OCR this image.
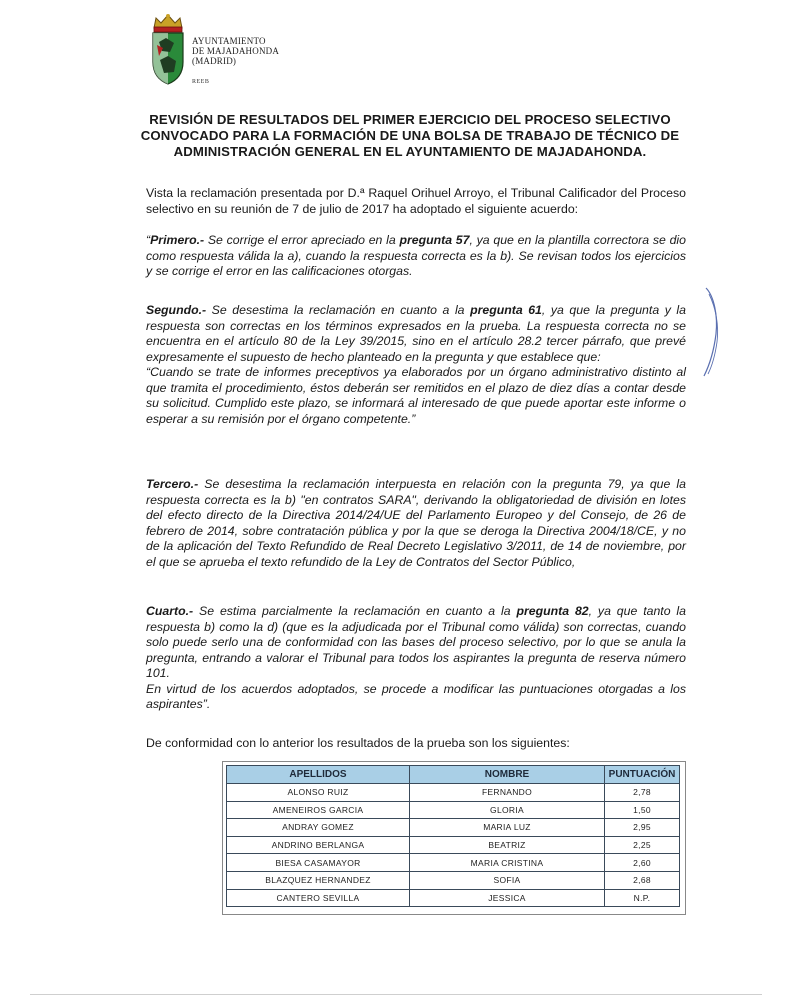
AYUNTAMIENTO
DE MAJADAHONDA
(MADRID)
REEB
REVISIÓN DE RESULTADOS DEL PRIMER EJERCICIO DEL PROCESO SELECTIVO
CONVOCADO PARA LA FORMACIÓN DE UNA BOLSA DE TRABAJO DE TÉCNICO DE
ADMINISTRACIÓN GENERAL EN EL AYUNTAMIENTO DE MAJADAHONDA.
Vista la reclamación presentada por D.ª Raquel Orihuel Arroyo, el Tribunal Calificador del Proceso selectivo en su reunión de 7 de julio de 2017 ha adoptado el siguiente acuerdo:
“Primero.- Se corrige el error apreciado en la pregunta 57, ya que en la plantilla correctora se dio como respuesta válida la a), cuando la respuesta correcta es la b). Se revisan todos los ejercicios y se corrige el error en las calificaciones otorgas.
Segundo.- Se desestima la reclamación en cuanto a la pregunta 61, ya que la pregunta y la respuesta son correctas en los términos expresados en la prueba. La respuesta correcta no se encuentra en el artículo 80 de la Ley 39/2015, sino en el artículo 28.2 tercer párrafo, que prevé expresamente el supuesto de hecho planteado en la pregunta y que establece que:
“Cuando se trate de informes preceptivos ya elaborados por un órgano administrativo distinto al que tramita el procedimiento, éstos deberán ser remitidos en el plazo de diez días a contar desde su solicitud. Cumplido este plazo, se informará al interesado de que puede aportar este informe o esperar a su remisión por el órgano competente.”
Tercero.- Se desestima la reclamación interpuesta en relación con la pregunta 79, ya que la respuesta correcta es la b) "en contratos SARA", derivando la obligatoriedad de división en lotes del efecto directo de la Directiva 2014/24/UE del Parlamento Europeo y del Consejo, de 26 de febrero de 2014, sobre contratación pública y por la que se deroga la Directiva 2004/18/CE, y no de la aplicación del Texto Refundido de Real Decreto Legislativo 3/2011, de 14 de noviembre, por el que se aprueba el texto refundido de la Ley de Contratos del Sector Público,
Cuarto.- Se estima parcialmente la reclamación en cuanto a la pregunta 82, ya que tanto la respuesta b) como la d) (que es la adjudicada por el Tribunal como válida) son correctas, cuando solo puede serlo una de conformidad con las bases del proceso selectivo, por lo que se anula la pregunta, entrando a valorar el Tribunal para todos los aspirantes la pregunta de reserva número 101.
En virtud de los acuerdos adoptados, se procede a modificar las puntuaciones otorgadas a los aspirantes”.
De conformidad con lo anterior los resultados de la prueba son los siguientes:
APELLIDOS	NOMBRE	PUNTUACIÓN
ALONSO RUIZ	FERNANDO	2,78
AMENEIROS GARCIA	GLORIA	1,50
ANDRAY GOMEZ	MARIA LUZ	2,95
ANDRINO BERLANGA	BEATRIZ	2,25
BIESA CASAMAYOR	MARIA CRISTINA	2,60
BLAZQUEZ HERNANDEZ	SOFIA	2,68
CANTERO SEVILLA	JESSICA	N.P.
